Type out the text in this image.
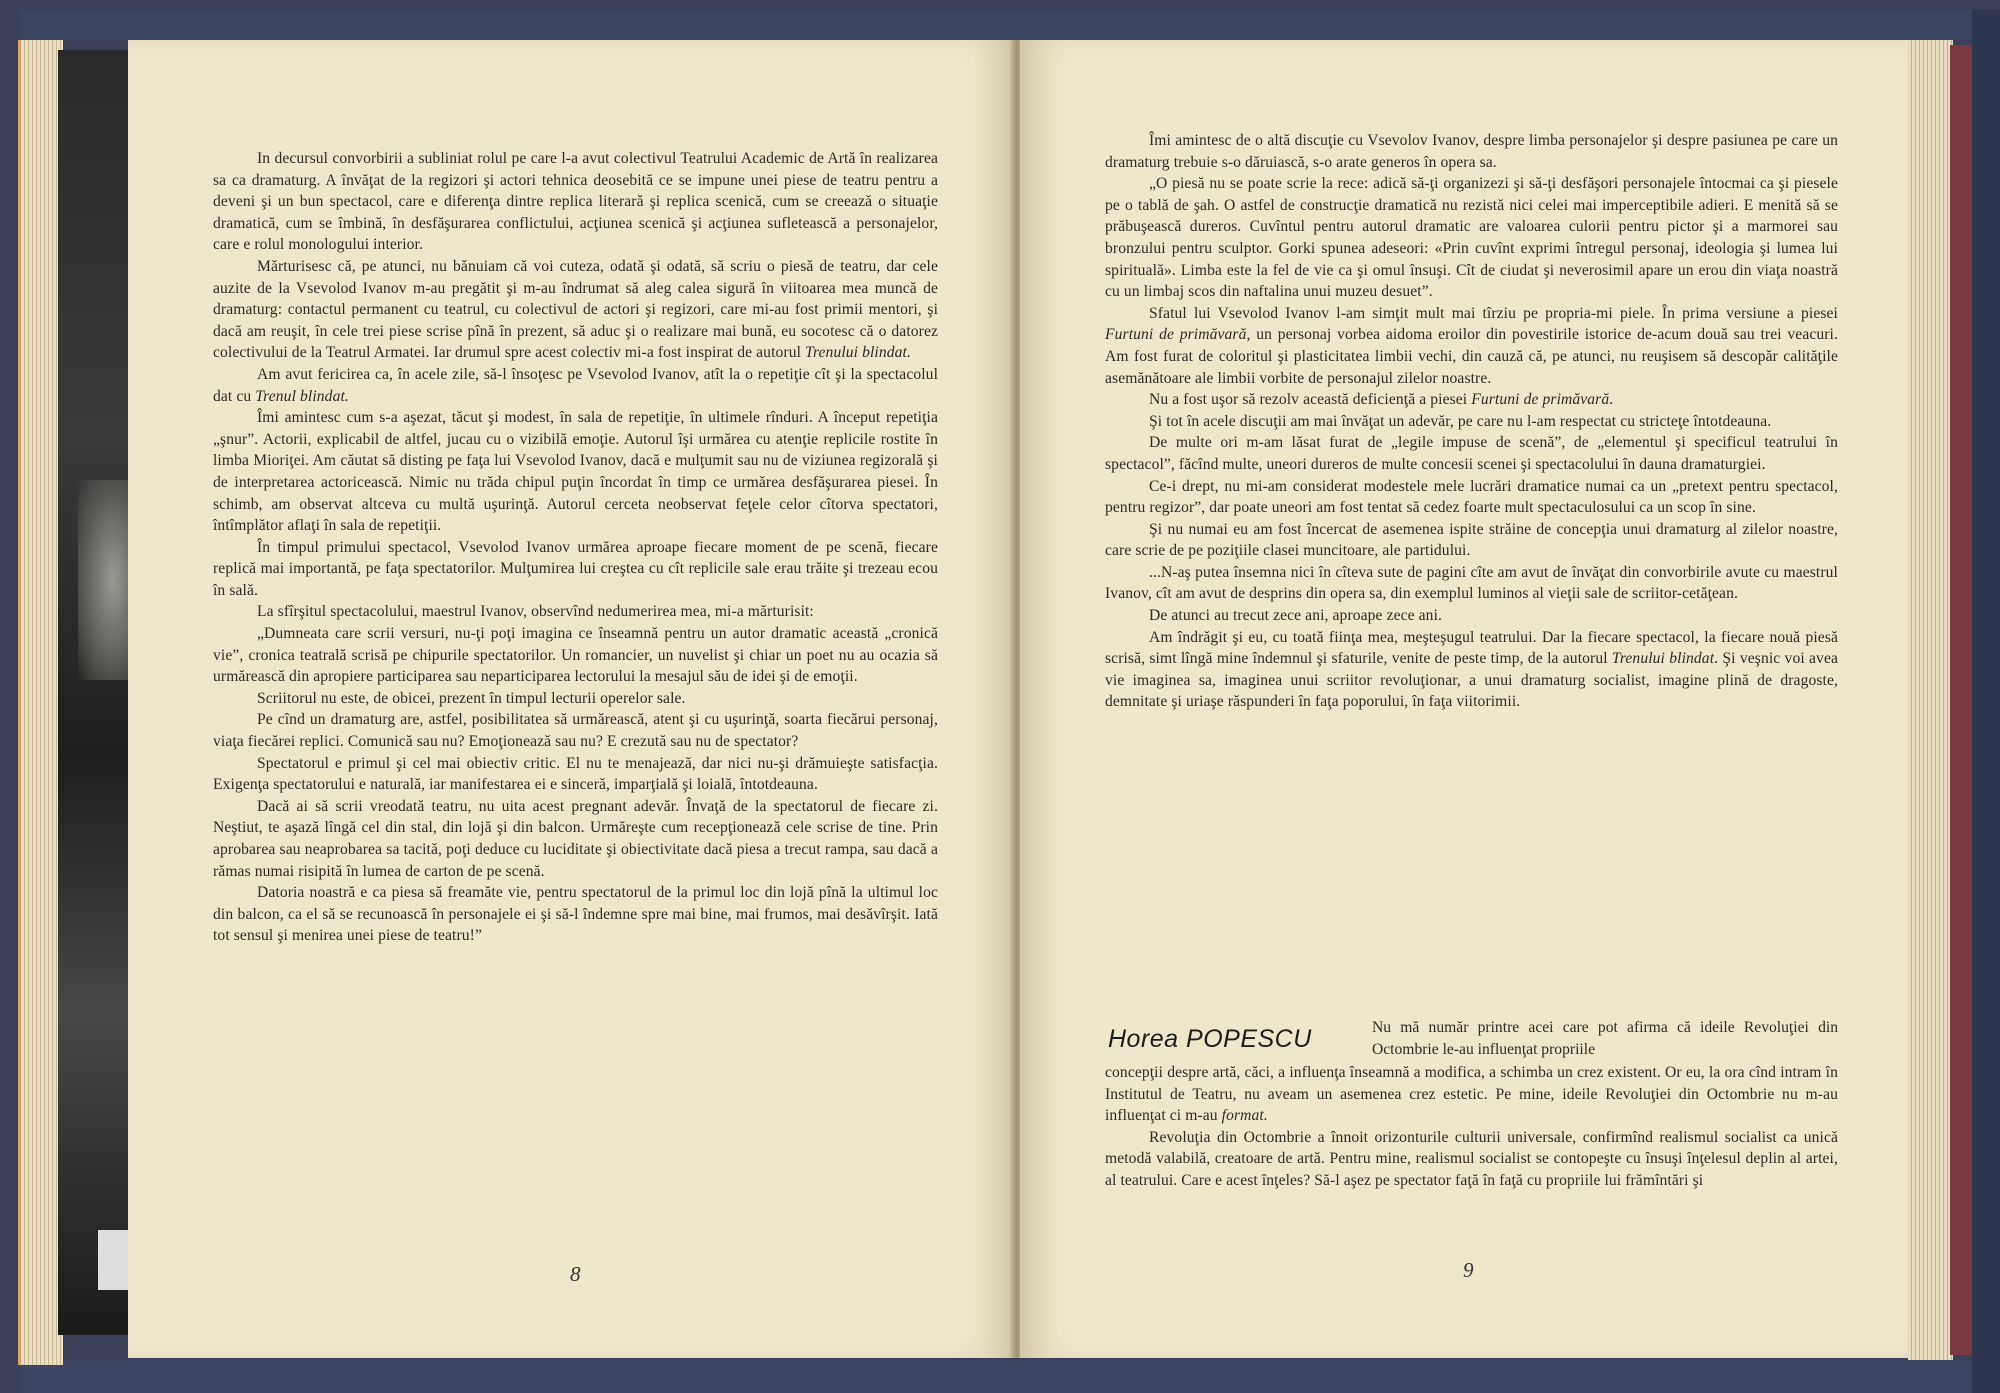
In decursul convorbirii a subliniat rolul pe care l-a avut colectivul Teatrului Academic de Artă în realizarea sa ca dramaturg. A învăţat de la regizori şi actori tehnica deosebită ce se impune unei piese de teatru pentru a deveni şi un bun spectacol, care e diferenţa dintre replica literară şi replica scenică, cum se creează o situaţie dramatică, cum se îmbină, în desfăşurarea conflictului, acţiunea scenică şi acţiunea sufletească a personajelor, care e rolul monologului interior.

Mărturisesc că, pe atunci, nu bănuiam că voi cuteza, odată şi odată, să scriu o piesă de teatru, dar cele auzite de la Vsevolod Ivanov m-au pregătit şi m-au îndrumat să aleg calea sigură în viitoarea mea muncă de dramaturg: contactul permanent cu teatrul, cu colectivul de actori şi regizori, care mi-au fost primii mentori, şi dacă am reuşit, în cele trei piese scrise pînă în prezent, să aduc şi o realizare mai bună, eu socotesc că o datorez colectivului de la Teatrul Armatei. Iar drumul spre acest colectiv mi-a fost inspirat de autorul Trenului blindat.

Am avut fericirea ca, în acele zile, să-l însoţesc pe Vsevolod Ivanov, atît la o repetiţie cît şi la spectacolul dat cu Trenul blindat.

Îmi amintesc cum s-a aşezat, tăcut şi modest, în sala de repetiţie, în ultimele rînduri. A început repetiţia „şnur”. Actorii, explicabil de altfel, jucau cu o vizibilă emoţie. Autorul îşi urmărea cu atenţie replicile rostite în limba Mioriţei. Am căutat să disting pe faţa lui Vsevolod Ivanov, dacă e mulţumit sau nu de viziunea regizorală şi de interpretarea actoricească. Nimic nu trăda chipul puţin încordat în timp ce urmărea desfăşurarea piesei. În schimb, am observat altceva cu multă uşurinţă. Autorul cerceta neobservat feţele celor cîtorva spectatori, întîmplător aflaţi în sala de repetiţii.

În timpul primului spectacol, Vsevolod Ivanov urmărea aproape fiecare moment de pe scenă, fiecare replică mai importantă, pe faţa spectatorilor. Mulţumirea lui creştea cu cît replicile sale erau trăite şi trezeau ecou în sală.

La sfîrşitul spectacolului, maestrul Ivanov, observînd nedumerirea mea, mi-a mărturisit:

„Dumneata care scrii versuri, nu-ţi poţi imagina ce înseamnă pentru un autor dramatic această „cronică vie”, cronica teatrală scrisă pe chipurile spectatorilor. Un romancier, un nuvelist şi chiar un poet nu au ocazia să urmărească din apropiere participarea sau neparticiparea lectorului la mesajul său de idei şi de emoţii.

Scriitorul nu este, de obicei, prezent în timpul lecturii operelor sale.

Pe cînd un dramaturg are, astfel, posibilitatea să urmărească, atent şi cu uşurinţă, soarta fiecărui personaj, viaţa fiecărei replici. Comunică sau nu? Emoţionează sau nu? E crezută sau nu de spectator?

Spectatorul e primul şi cel mai obiectiv critic. El nu te menajează, dar nici nu-şi drămuieşte satisfacţia. Exigenţa spectatorului e naturală, iar manifestarea ei e sinceră, imparţială şi loială, întotdeauna.

Dacă ai să scrii vreodată teatru, nu uita acest pregnant adevăr. Învaţă de la spectatorul de fiecare zi. Neştiut, te aşază lîngă cel din stal, din lojă şi din balcon. Urmăreşte cum recepţionează cele scrise de tine. Prin aprobarea sau neaprobarea sa tacită, poţi deduce cu luciditate şi obiectivitate dacă piesa a trecut rampa, sau dacă a rămas numai risipită în lumea de carton de pe scenă.

Datoria noastră e ca piesa să freamăte vie, pentru spectatorul de la primul loc din lojă pînă la ultimul loc din balcon, ca el să se recunoască în personajele ei şi să-l îndemne spre mai bine, mai frumos, mai desăvîrşit. Iată tot sensul şi menirea unei piese de teatru!”

8

Îmi amintesc de o altă discuţie cu Vsevolov Ivanov, despre limba personajelor şi despre pasiunea pe care un dramaturg trebuie s-o dăruiască, s-o arate generos în opera sa.

„O piesă nu se poate scrie la rece: adică să-ţi organizezi şi să-ţi desfăşori personajele întocmai ca şi piesele pe o tablă de şah. O astfel de construcţie dramatică nu rezistă nici celei mai imperceptibile adieri. E menită să se prăbuşească dureros. Cuvîntul pentru autorul dramatic are valoarea culorii pentru pictor şi a marmorei sau bronzului pentru sculptor. Gorki spunea adeseori: «Prin cuvînt exprimi întregul personaj, ideologia şi lumea lui spirituală». Limba este la fel de vie ca şi omul însuşi. Cît de ciudat şi neverosimil apare un erou din viaţa noastră cu un limbaj scos din naftalina unui muzeu desuet”.

Sfatul lui Vsevolod Ivanov l-am simţit mult mai tîrziu pe propria-mi piele. În prima versiune a piesei Furtuni de primăvară, un personaj vorbea aidoma eroilor din povestirile istorice de-acum două sau trei veacuri. Am fost furat de coloritul şi plasticitatea limbii vechi, din cauză că, pe atunci, nu reuşisem să descopăr calităţile asemănătoare ale limbii vorbite de personajul zilelor noastre.

Nu a fost uşor să rezolv această deficienţă a piesei Furtuni de primăvară.

Şi tot în acele discuţii am mai învăţat un adevăr, pe care nu l-am respectat cu stricteţe întotdeauna.

De multe ori m-am lăsat furat de „legile impuse de scenă”, de „elementul şi specificul teatrului în spectacol”, făcînd multe, uneori dureros de multe concesii scenei şi spectacolului în dauna dramaturgiei.

Ce-i drept, nu mi-am considerat modestele mele lucrări dramatice numai ca un „pretext pentru spectacol, pentru regizor”, dar poate uneori am fost tentat să cedez foarte mult spectaculosului ca un scop în sine.

Şi nu numai eu am fost încercat de asemenea ispite străine de concepţia unui dramaturg al zilelor noastre, care scrie de pe poziţiile clasei muncitoare, ale partidului.

...N-aş putea însemna nici în cîteva sute de pagini cîte am avut de învăţat din convorbirile avute cu maestrul Ivanov, cît am avut de desprins din opera sa, din exemplul luminos al vieţii sale de scriitor-cetăţean.

De atunci au trecut zece ani, aproape zece ani.

Am îndrăgit şi eu, cu toată fiinţa mea, meşteşugul teatrului. Dar la fiecare spectacol, la fiecare nouă piesă scrisă, simt lîngă mine îndemnul şi sfaturile, venite de peste timp, de la autorul Trenului blindat. Şi veşnic voi avea vie imaginea sa, imaginea unui scriitor revoluţionar, a unui dramaturg socialist, imagine plină de dragoste, demnitate şi uriaşe răspunderi în faţa poporului, în faţa viitorimii.

Horea POPESCU	Nu mă număr printre acei care pot afirma că ideile Revoluţiei din Octombrie le-au influenţat propriile

concepţii despre artă, căci, a influenţa înseamnă a modifica, a schimba un crez existent. Or eu, la ora cînd intram în Institutul de Teatru, nu aveam un asemenea crez estetic. Pe mine, ideile Revoluţiei din Octombrie nu m-au influenţat ci m-au format.

Revoluţia din Octombrie a înnoit orizonturile culturii universale, confirmînd realismul socialist ca unică metodă valabilă, creatoare de artă. Pentru mine, realismul socialist se contopeşte cu însuşi înţelesul deplin al artei, al teatrului. Care e acest înţeles? Să-l aşez pe spectator faţă în faţă cu propriile lui frămîntări şi

9
